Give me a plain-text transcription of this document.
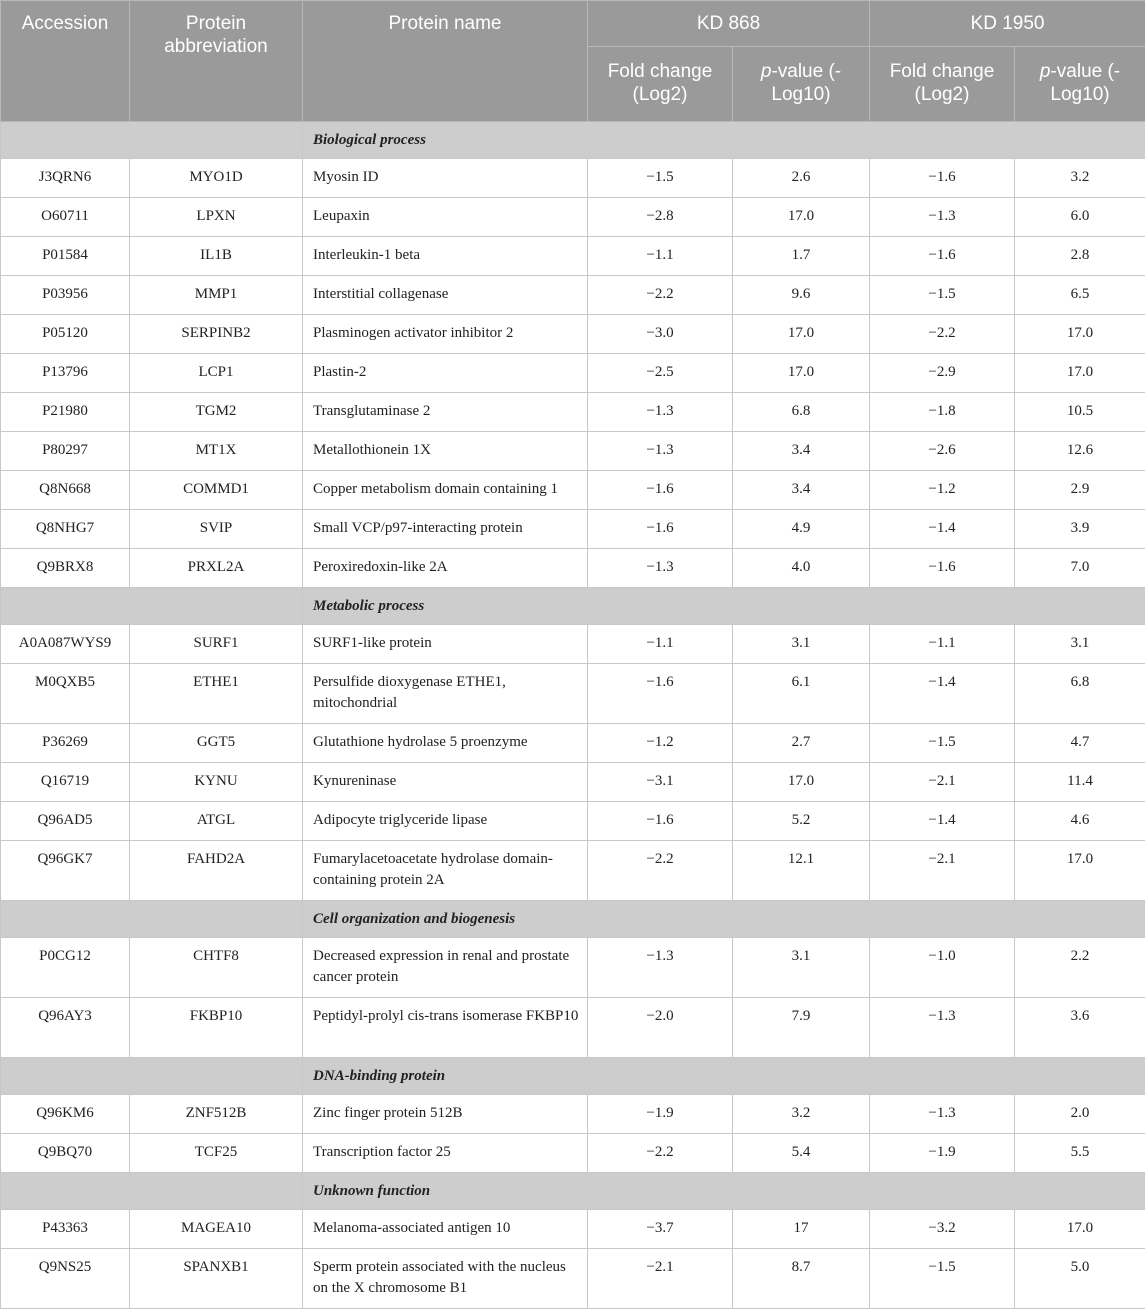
Accession	Protein abbreviation	Protein name	KD 868		KD 1950	
			Fold change (Log2)	p-value (-Log10)	Fold change (Log2)	p-value (-Log10)
		Biological process				
J3QRN6	MYO1D	Myosin ID	−1.5	2.6	−1.6	3.2
O60711	LPXN	Leupaxin	−2.8	17.0	−1.3	6.0
P01584	IL1B	Interleukin-1 beta	−1.1	1.7	−1.6	2.8
P03956	MMP1	Interstitial collagenase	−2.2	9.6	−1.5	6.5
P05120	SERPINB2	Plasminogen activator inhibitor 2	−3.0	17.0	−2.2	17.0
P13796	LCP1	Plastin-2	−2.5	17.0	−2.9	17.0
P21980	TGM2	Transglutaminase 2	−1.3	6.8	−1.8	10.5
P80297	MT1X	Metallothionein 1X	−1.3	3.4	−2.6	12.6
Q8N668	COMMD1	Copper metabolism domain containing 1	−1.6	3.4	−1.2	2.9
Q8NHG7	SVIP	Small VCP/p97-interacting protein	−1.6	4.9	−1.4	3.9
Q9BRX8	PRXL2A	Peroxiredoxin-like 2A	−1.3	4.0	−1.6	7.0
		Metabolic process				
A0A087WYS9	SURF1	SURF1-like protein	−1.1	3.1	−1.1	3.1
M0QXB5	ETHE1	Persulfide dioxygenase ETHE1, mitochondrial	−1.6	6.1	−1.4	6.8
P36269	GGT5	Glutathione hydrolase 5 proenzyme	−1.2	2.7	−1.5	4.7
Q16719	KYNU	Kynureninase	−3.1	17.0	−2.1	11.4
Q96AD5	ATGL	Adipocyte triglyceride lipase	−1.6	5.2	−1.4	4.6
Q96GK7	FAHD2A	Fumarylacetoacetate hydrolase domain-containing protein 2A	−2.2	12.1	−2.1	17.0
		Cell organization and biogenesis				
P0CG12	CHTF8	Decreased expression in renal and prostate cancer protein	−1.3	3.1	−1.0	2.2
Q96AY3	FKBP10	Peptidyl-prolyl cis-trans isomerase FKBP10	−2.0	7.9	−1.3	3.6
		DNA-binding protein				
Q96KM6	ZNF512B	Zinc finger protein 512B	−1.9	3.2	−1.3	2.0
Q9BQ70	TCF25	Transcription factor 25	−2.2	5.4	−1.9	5.5
		Unknown function				
P43363	MAGEA10	Melanoma-associated antigen 10	−3.7	17	−3.2	17.0
Q9NS25	SPANXB1	Sperm protein associated with the nucleus on the X chromosome B1	−2.1	8.7	−1.5	5.0
